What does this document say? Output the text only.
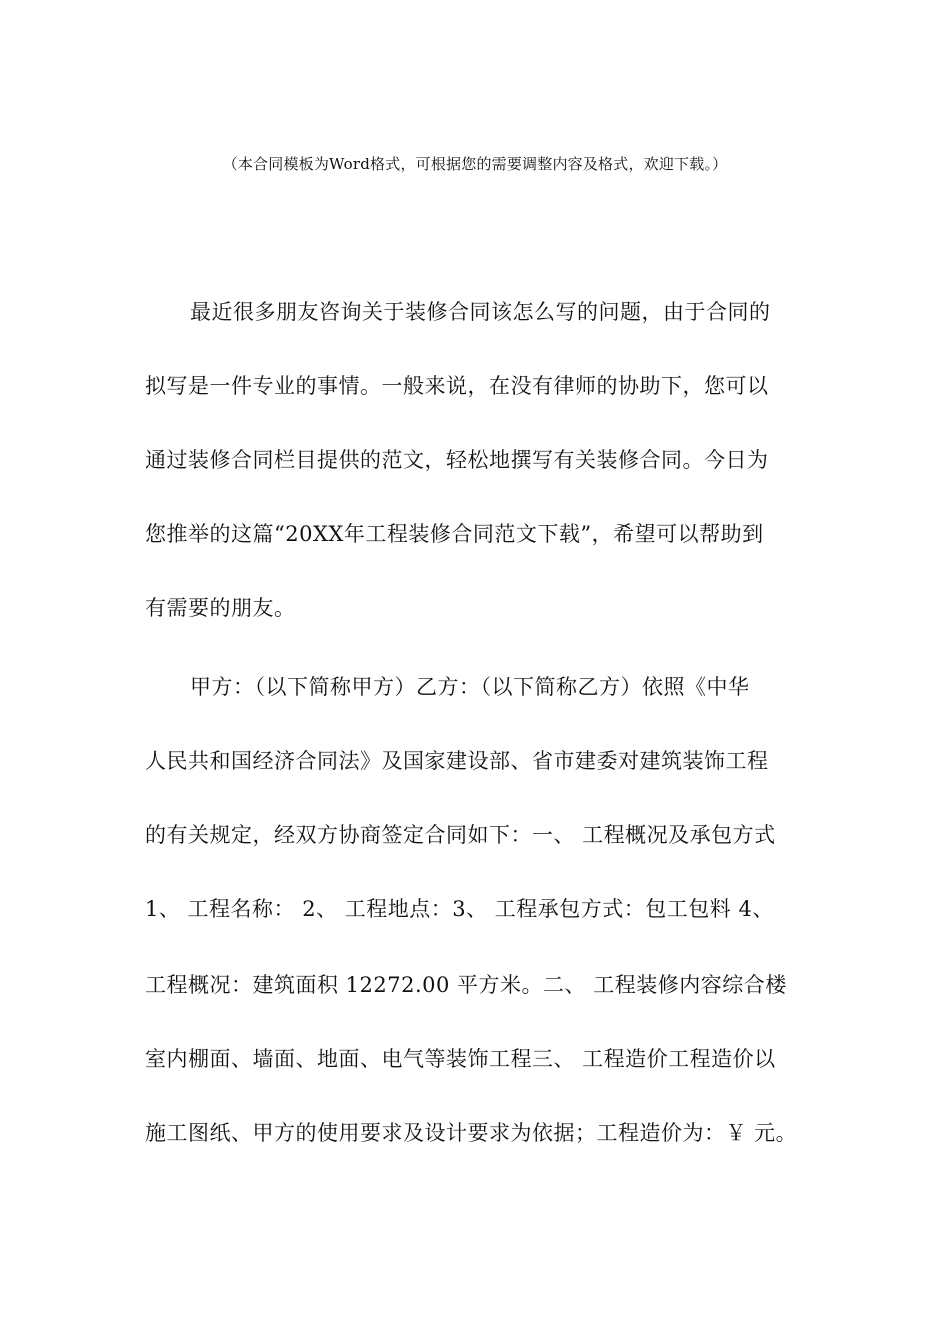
（本合同模板为Word格式，可根据您的需要调整内容及格式，欢迎下载。）
最近很多朋友咨询关于装修合同该怎么写的问题，由于合同的
拟写是一件专业的事情。一般来说，在没有律师的协助下，您可以
通过装修合同栏目提供的范文，轻松地撰写有关装修合同。今日为
您推举的这篇“20XX年工程装修合同范文下载”，希望可以帮助到
有需要的朋友。
甲方：（以下简称甲方）乙方：（以下简称乙方）依照《中华
人民共和国经济合同法》及国家建设部、省市建委对建筑装饰工程
的有关规定，经双方协商签定合同如下：一、 工程概况及承包方式
1、 工程名称： 2、 工程地点：3、 工程承包方式：包工包料 4、
工程概况：建筑面积 12272.00 平方米。二、 工程装修内容综合楼
室内棚面、墙面、地面、电气等装饰工程三、 工程造价工程造价以
施工图纸、甲方的使用要求及设计要求为依据；工程造价为：￥ 元。
